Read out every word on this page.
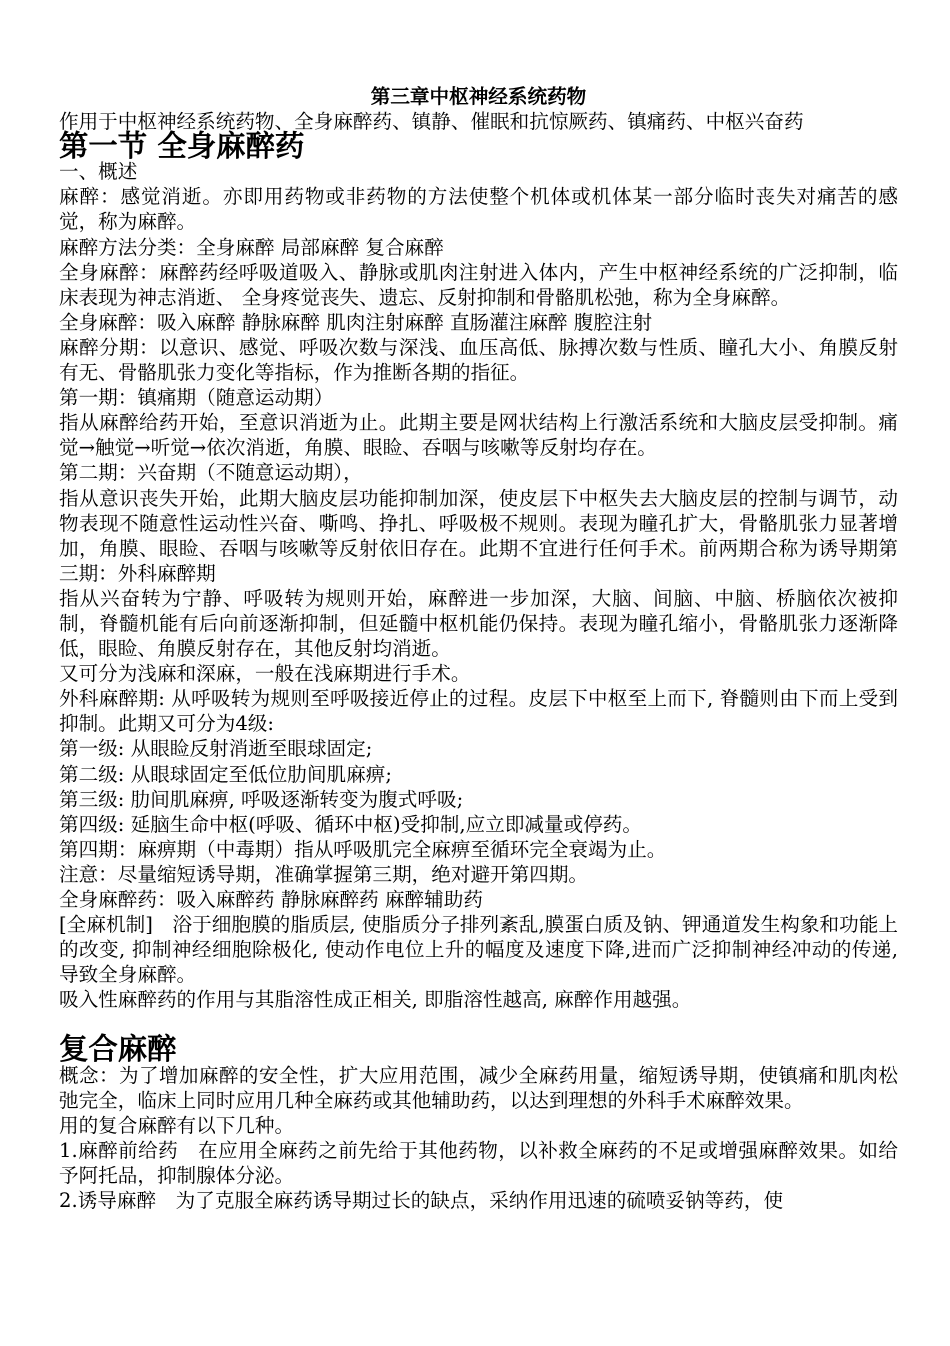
第三章中枢神经系统药物

作用于中枢神经系统药物、全身麻醉药、镇静、催眠和抗惊厥药、镇痛药、中枢兴奋药

第一节 全身麻醉药

一、概述

麻醉：感觉消逝。亦即用药物或非药物的方法使整个机体或机体某一部分临时丧失对痛苦的感觉，称为麻醉。

麻醉方法分类：全身麻醉 局部麻醉 复合麻醉

全身麻醉：麻醉药经呼吸道吸入、静脉或肌肉注射进入体内，产生中枢神经系统的广泛抑制，临床表现为神志消逝、 全身疼觉丧失、遗忘、反射抑制和骨骼肌松弛，称为全身麻醉。

全身麻醉：吸入麻醉 静脉麻醉 肌肉注射麻醉 直肠灌注麻醉 腹腔注射

麻醉分期：以意识、感觉、呼吸次数与深浅、血压高低、脉搏次数与性质、瞳孔大小、角膜反射有无、骨骼肌张力变化等指标，作为推断各期的指征。

第一期：镇痛期（随意运动期）

指从麻醉给药开始，至意识消逝为止。此期主要是网状结构上行激活系统和大脑皮层受抑制。痛觉→触觉→听觉→依次消逝，角膜、眼睑、吞咽与咳嗽等反射均存在。

第二期：兴奋期（不随意运动期），

指从意识丧失开始，此期大脑皮层功能抑制加深，使皮层下中枢失去大脑皮层的控制与调节，动物表现不随意性运动性兴奋、嘶鸣、挣扎、呼吸极不规则。表现为瞳孔扩大，骨骼肌张力显著增加，角膜、眼睑、吞咽与咳嗽等反射依旧存在。此期不宜进行任何手术。前两期合称为诱导期第三期：外科麻醉期

指从兴奋转为宁静、呼吸转为规则开始，麻醉进一步加深，大脑、间脑、中脑、桥脑依次被抑制，脊髓机能有后向前逐渐抑制，但延髓中枢机能仍保持。表现为瞳孔缩小，骨骼肌张力逐渐降低，眼睑、角膜反射存在，其他反射均消逝。

又可分为浅麻和深麻，一般在浅麻期进行手术。

外科麻醉期: 从呼吸转为规则至呼吸接近停止的过程。皮层下中枢至上而下, 脊髓则由下而上受到抑制。此期又可分为4级:

第一级: 从眼睑反射消逝至眼球固定;

第二级: 从眼球固定至低位肋间肌麻痹;

第三级: 肋间肌麻痹, 呼吸逐渐转变为腹式呼吸;

第四级: 延脑生命中枢(呼吸、循环中枢)受抑制,应立即减量或停药。

第四期：麻痹期（中毒期）指从呼吸肌完全麻痹至循环完全衰竭为止。

注意：尽量缩短诱导期，准确掌握第三期，绝对避开第四期。

全身麻醉药：吸入麻醉药 静脉麻醉药 麻醉辅助药

[全麻机制]　浴于细胞膜的脂质层, 使脂质分子排列紊乱,膜蛋白质及钠、钾通道发生构象和功能上的改变, 抑制神经细胞除极化, 使动作电位上升的幅度及速度下降,进而广泛抑制神经冲动的传递, 导致全身麻醉。

吸入性麻醉药的作用与其脂溶性成正相关, 即脂溶性越高, 麻醉作用越强。

复合麻醉

概念：为了增加麻醉的安全性，扩大应用范围，减少全麻药用量，缩短诱导期，使镇痛和肌肉松弛完全，临床上同时应用几种全麻药或其他辅助药，以达到理想的外科手术麻醉效果。

用的复合麻醉有以下几种。

1.麻醉前给药　在应用全麻药之前先给于其他药物，以补救全麻药的不足或增强麻醉效果。如给予阿托品，抑制腺体分泌。

2.诱导麻醉　为了克服全麻药诱导期过长的缺点，采纳作用迅速的硫喷妥钠等药，使
